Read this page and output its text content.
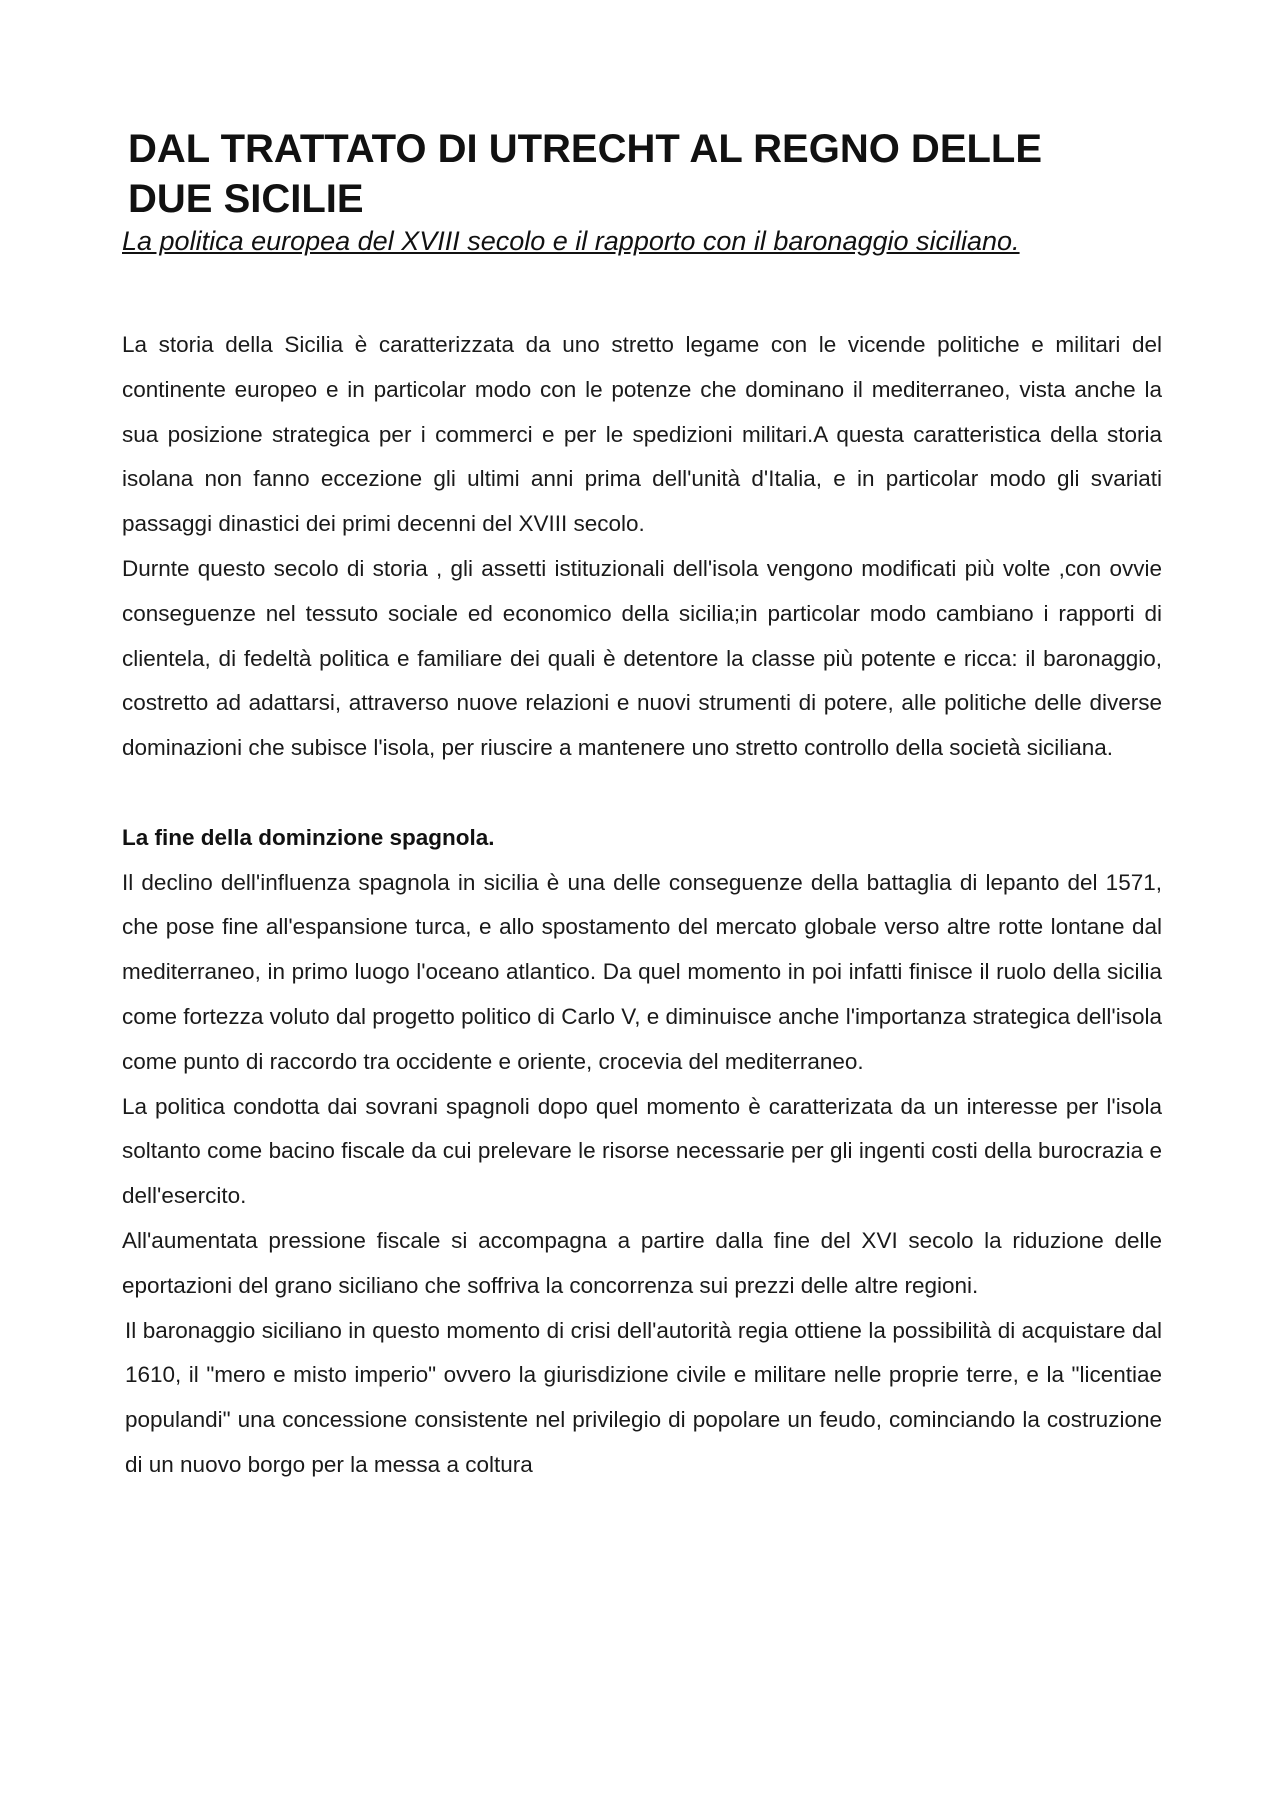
DAL TRATTATO DI UTRECHT AL REGNO DELLE DUE SICILIE

La politica europea del XVIII secolo e il rapporto con il baronaggio siciliano.

La storia della Sicilia è caratterizzata da uno stretto legame con le vicende politiche e militari del continente europeo e in particolar modo con le potenze che dominano il mediterraneo, vista anche la sua posizione strategica per i commerci e per le spedizioni militari.A questa caratteristica della storia isolana non fanno eccezione gli ultimi anni prima dell'unità d'Italia, e in particolar modo gli svariati passaggi dinastici dei primi decenni del XVIII secolo.

Durnte questo secolo di storia , gli assetti istituzionali dell'isola vengono modificati più volte ,con ovvie conseguenze nel tessuto sociale ed economico della sicilia;in particolar modo cambiano i rapporti di clientela, di fedeltà politica e familiare dei quali è detentore la classe più potente e ricca: il baronaggio, costretto ad adattarsi, attraverso nuove relazioni e nuovi strumenti di potere, alle politiche delle diverse dominazioni che subisce l'isola, per riuscire a mantenere uno stretto controllo della società siciliana.

La fine della dominzione spagnola.

Il declino dell'influenza spagnola in sicilia è una delle conseguenze della battaglia di lepanto del 1571, che pose fine all'espansione turca, e allo spostamento del mercato globale verso altre rotte lontane dal mediterraneo, in primo luogo l'oceano atlantico. Da quel momento in poi infatti finisce il ruolo della sicilia come fortezza voluto dal progetto politico di Carlo V, e diminuisce anche l'importanza strategica dell'isola come punto di raccordo tra occidente e oriente, crocevia del mediterraneo.

La politica condotta dai sovrani spagnoli dopo quel momento è caratterizata da un interesse per l'isola soltanto come bacino fiscale da cui prelevare le risorse necessarie per gli ingenti costi della burocrazia e dell'esercito.

All'aumentata pressione fiscale si accompagna a partire dalla fine del XVI secolo la riduzione delle eportazioni del grano siciliano che soffriva la concorrenza sui prezzi delle altre regioni.

Il baronaggio siciliano in questo momento di crisi dell'autorità regia ottiene la possibilità di acquistare dal 1610, il "mero e misto imperio" ovvero la giurisdizione civile e militare nelle proprie terre, e la "licentiae populandi" una concessione consistente nel privilegio di popolare un feudo, cominciando la costruzione di un nuovo borgo per la messa a coltura
